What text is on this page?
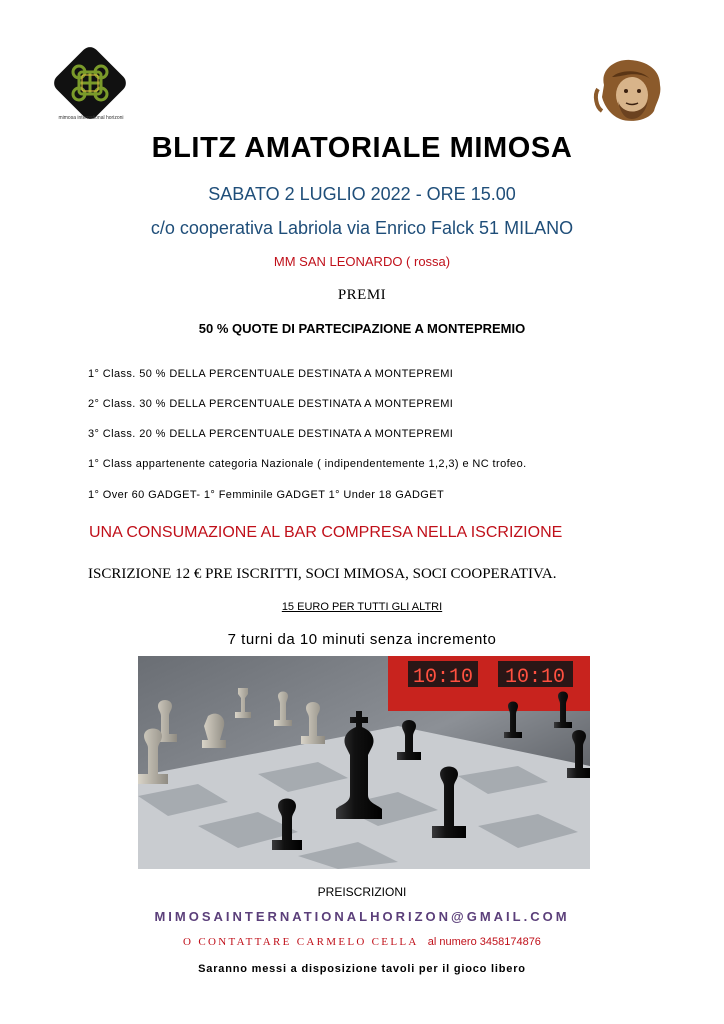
mimosa international horizoni
BLITZ AMATORIALE MIMOSA
SABATO 2 LUGLIO 2022 - ORE 15.00
c/o cooperativa Labriola via Enrico Falck 51 MILANO
MM SAN LEONARDO ( rossa)
PREMI
50 % QUOTE DI PARTECIPAZIONE A MONTEPREMIO
1° Class. 50 % DELLA PERCENTUALE DESTINATA A MONTEPREMI
2° Class. 30 % DELLA PERCENTUALE DESTINATA A MONTEPREMI
3° Class. 20 % DELLA PERCENTUALE DESTINATA A MONTEPREMI
1° Class appartenente categoria Nazionale ( indipendentemente 1,2,3) e NC trofeo.
1° Over 60 GADGET- 1° Femminile GADGET 1° Under 18 GADGET
UNA CONSUMAZIONE AL BAR COMPRESA NELLA ISCRIZIONE
ISCRIZIONE 12 € PRE ISCRITTI, SOCI MIMOSA, SOCI COOPERATIVA.
15 EURO PER TUTTI GLI ALTRI
7 turni da 10 minuti senza incremento
10:10 10:10
PREISCRIZIONI
MIMOSAINTERNATIONALHORIZON@GMAIL.COM
O CONTATTARE CARMELO CELLA al numero 3458174876
Saranno messi a disposizione tavoli per il gioco libero
